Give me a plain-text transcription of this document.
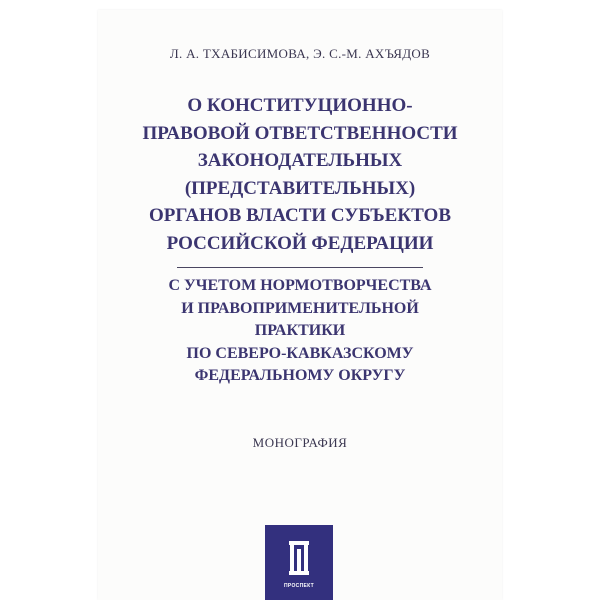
Л. А. ТХАБИСИМОВА, Э. С.-М. АХЪЯДОВ
О КОНСТИТУЦИОННО-
ПРАВОВОЙ ОТВЕТСТВЕННОСТИ
ЗАКОНОДАТЕЛЬНЫХ
(ПРЕДСТАВИТЕЛЬНЫХ)
ОРГАНОВ ВЛАСТИ СУБЪЕКТОВ
РОССИЙСКОЙ ФЕДЕРАЦИИ
С УЧЕТОМ НОРМОТВОРЧЕСТВА
И ПРАВОПРИМЕНИТЕЛЬНОЙ
ПРАКТИКИ
ПО СЕВЕРО-КАВКАЗСКОМУ
ФЕДЕРАЛЬНОМУ ОКРУГУ
МОНОГРАФИЯ
ПРОСПЕКТ
